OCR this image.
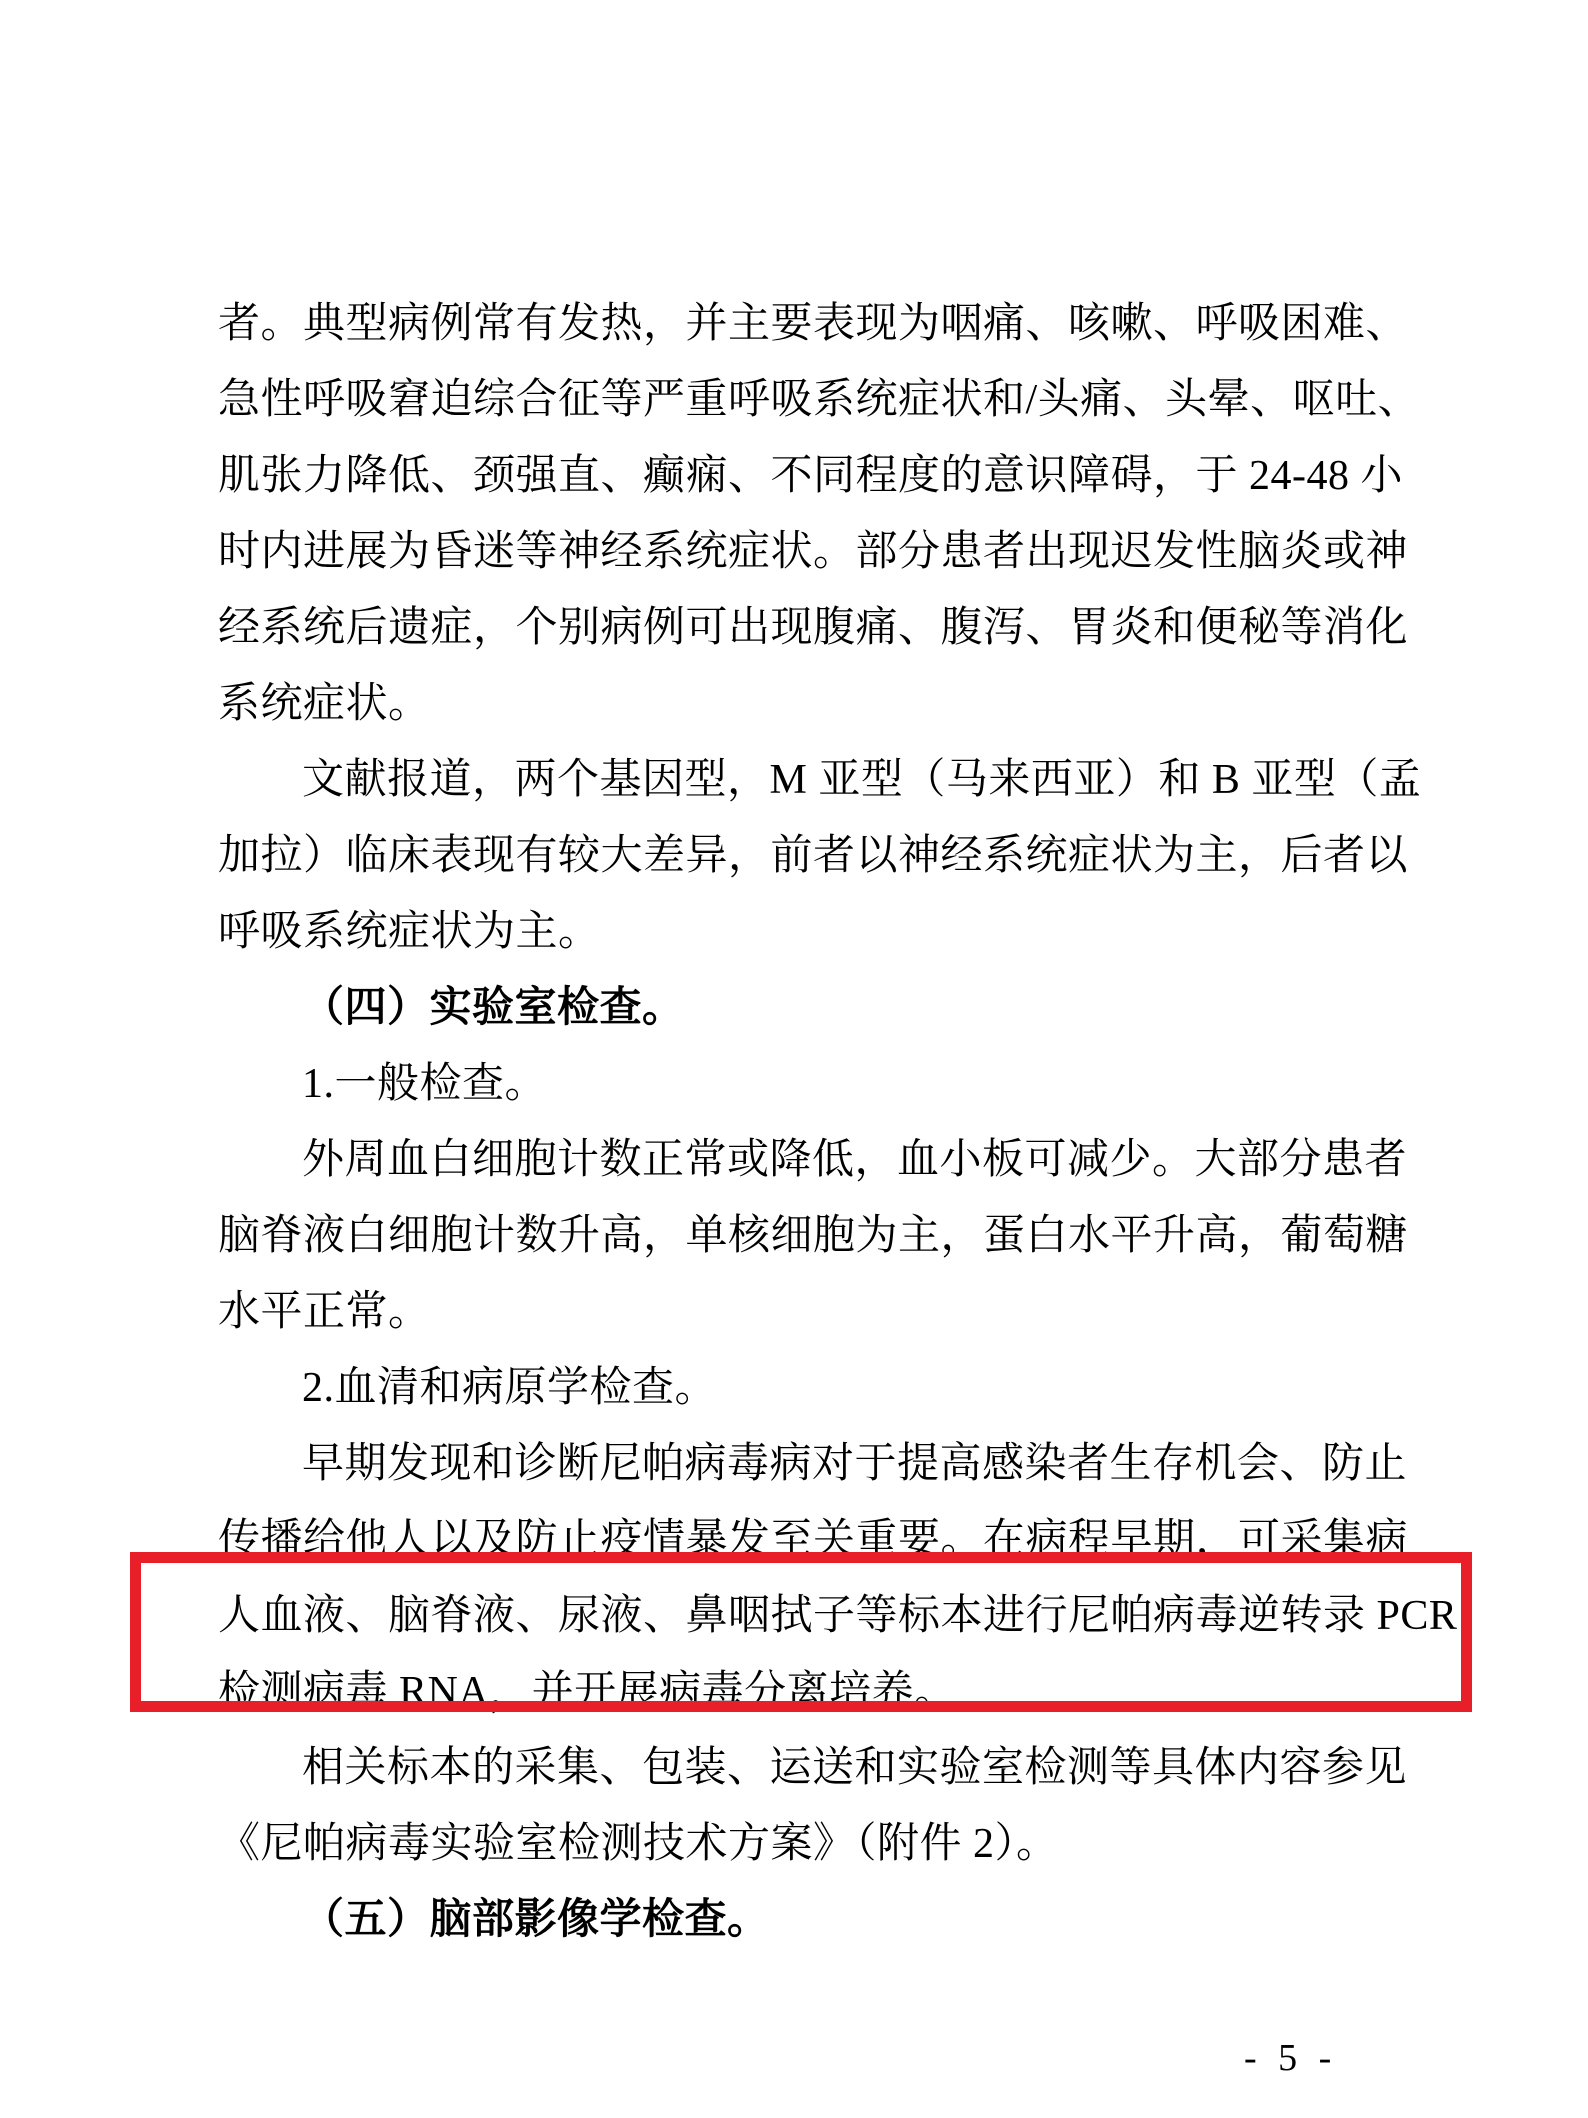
者。典型病例常有发热，并主要表现为咽痛、咳嗽、呼吸困难、
急性呼吸窘迫综合征等严重呼吸系统症状和/头痛、头晕、呕吐、
肌张力降低、颈强直、癫痫、不同程度的意识障碍，于 24-48 小
时内进展为昏迷等神经系统症状。部分患者出现迟发性脑炎或神
经系统后遗症，个别病例可出现腹痛、腹泻、胃炎和便秘等消化
系统症状。
文献报道，两个基因型，M 亚型（马来西亚）和 B 亚型（孟
加拉）临床表现有较大差异，前者以神经系统症状为主，后者以
呼吸系统症状为主。
（四）实验室检查。
1.一般检查。
外周血白细胞计数正常或降低，血小板可减少。大部分患者
脑脊液白细胞计数升高，单核细胞为主，蛋白水平升高，葡萄糖
水平正常。
2.血清和病原学检查。
早期发现和诊断尼帕病毒病对于提高感染者生存机会、防止
传播给他人以及防止疫情暴发至关重要。在病程早期，可采集病
人血液、脑脊液、尿液、鼻咽拭子等标本进行尼帕病毒逆转录 PCR
检测病毒 RNA，并开展病毒分离培养。
相关标本的采集、包装、运送和实验室检测等具体内容参见
《尼帕病毒实验室检测技术方案》（附件 2）。
（五）脑部影像学检查。
- 5 -
